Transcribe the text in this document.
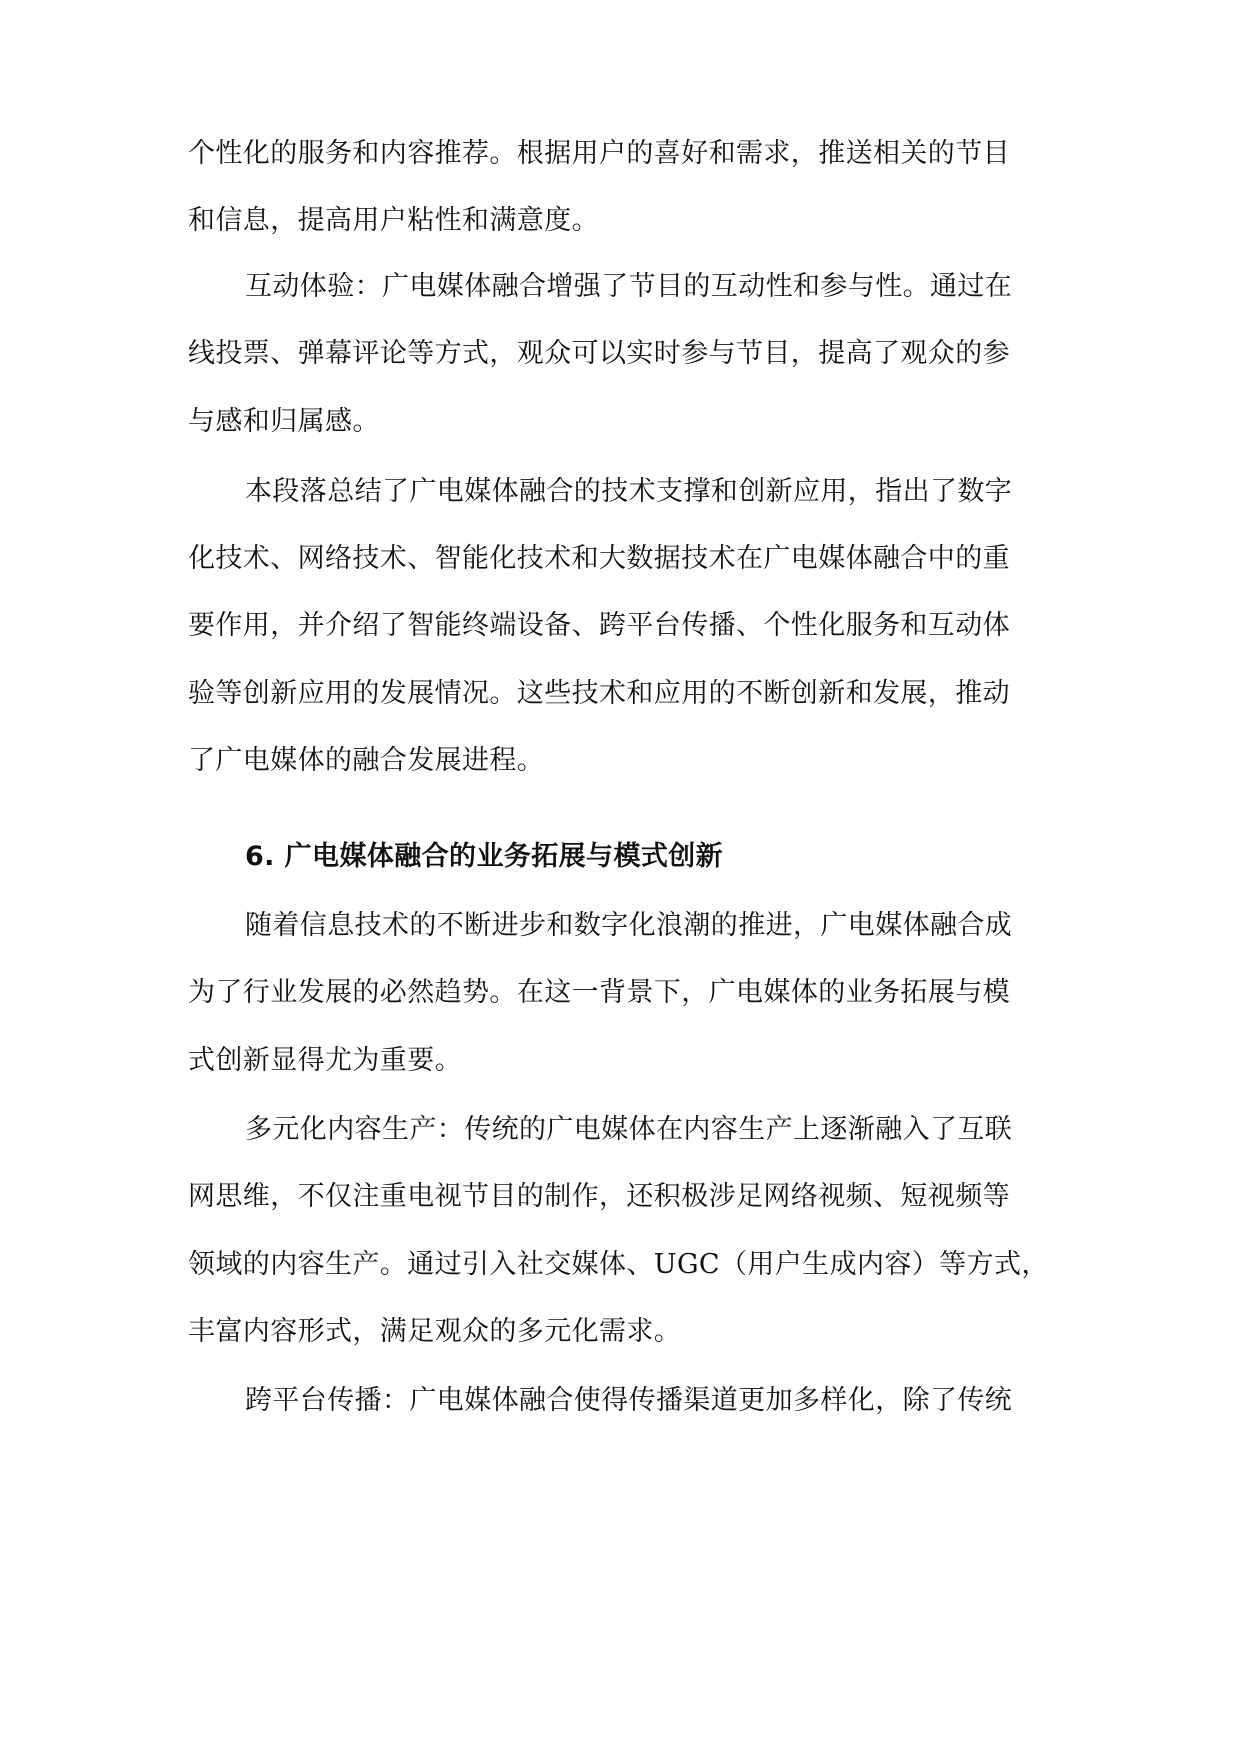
个性化的服务和内容推荐。根据用户的喜好和需求，推送相关的节目
和信息，提高用户粘性和满意度。
互动体验：广电媒体融合增强了节目的互动性和参与性。通过在
线投票、弹幕评论等方式，观众可以实时参与节目，提高了观众的参
与感和归属感。
本段落总结了广电媒体融合的技术支撑和创新应用，指出了数字
化技术、网络技术、智能化技术和大数据技术在广电媒体融合中的重
要作用，并介绍了智能终端设备、跨平台传播、个性化服务和互动体
验等创新应用的发展情况。这些技术和应用的不断创新和发展，推动
了广电媒体的融合发展进程。
6. 广电媒体融合的业务拓展与模式创新
随着信息技术的不断进步和数字化浪潮的推进，广电媒体融合成
为了行业发展的必然趋势。在这一背景下，广电媒体的业务拓展与模
式创新显得尤为重要。
多元化内容生产：传统的广电媒体在内容生产上逐渐融入了互联
网思维，不仅注重电视节目的制作，还积极涉足网络视频、短视频等
领域的内容生产。通过引入社交媒体、UGC（用户生成内容）等方式，
丰富内容形式，满足观众的多元化需求。
跨平台传播：广电媒体融合使得传播渠道更加多样化，除了传统
